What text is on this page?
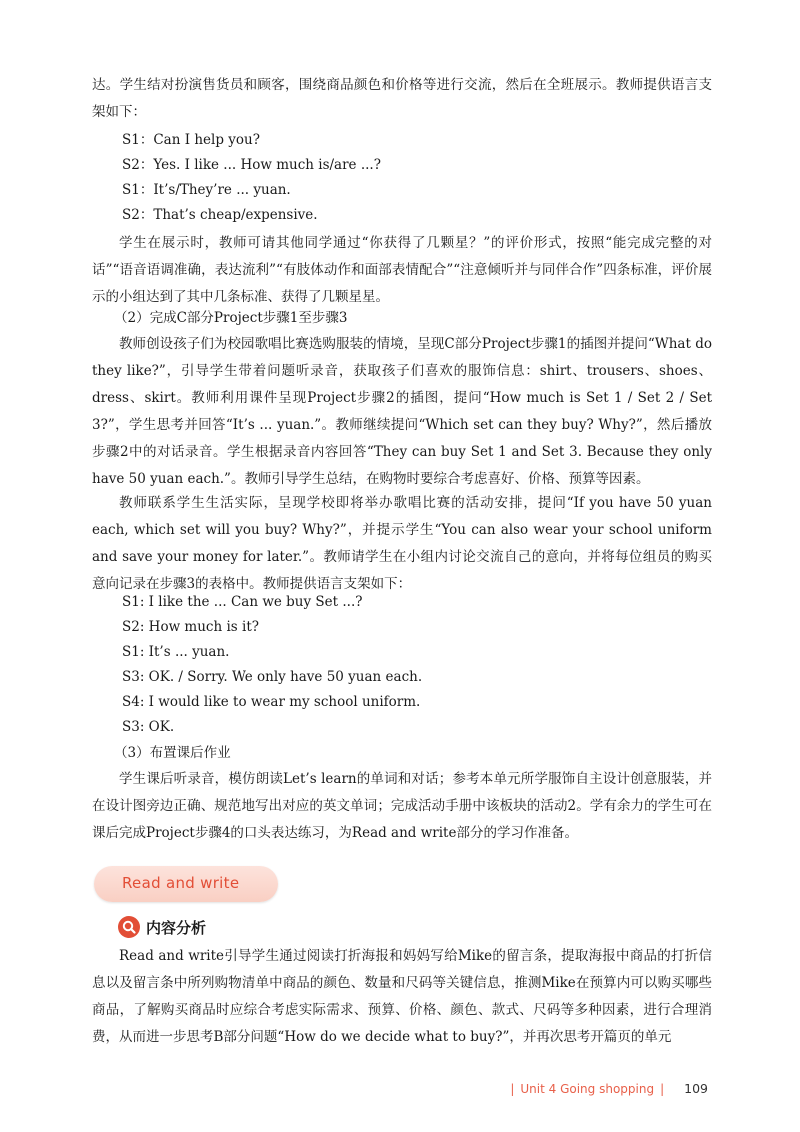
达。学生结对扮演售货员和顾客，围绕商品颜色和价格等进行交流，然后在全班展示。教师提供语言支架如下：

S1：Can I help you?

S2：Yes. I like ... How much is/are ...?

S1：It’s/They’re ... yuan.

S2：That’s cheap/expensive.

学生在展示时，教师可请其他同学通过“你获得了几颗星？”的评价形式，按照“能完成完整的对话”“语音语调准确，表达流利”“有肢体动作和面部表情配合”“注意倾听并与同伴合作”四条标准，评价展示的小组达到了其中几条标准、获得了几颗星星。

（2）完成C部分Project步骤1至步骤3

教师创设孩子们为校园歌唱比赛选购服装的情境，呈现C部分Project步骤1的插图并提问“What do they like?”，引导学生带着问题听录音，获取孩子们喜欢的服饰信息：shirt、trousers、shoes、dress、skirt。教师利用课件呈现Project步骤2的插图，提问“How much is Set 1 / Set 2 / Set 3?”，学生思考并回答“It’s ... yuan.”。教师继续提问“Which set can they buy? Why?”，然后播放步骤2中的对话录音。学生根据录音内容回答“They can buy Set 1 and Set 3. Because they only have 50 yuan each.”。教师引导学生总结，在购物时要综合考虑喜好、价格、预算等因素。

教师联系学生生活实际，呈现学校即将举办歌唱比赛的活动安排，提问“If you have 50 yuan each, which set will you buy? Why?”，并提示学生“You can also wear your school uniform and save your money for later.”。教师请学生在小组内讨论交流自己的意向，并将每位组员的购买意向记录在步骤3的表格中。教师提供语言支架如下：

S1: I like the ... Can we buy Set ...?

S2: How much is it?

S1: It’s ... yuan.

S3: OK. / Sorry. We only have 50 yuan each.

S4: I would like to wear my school uniform.

S3: OK.

（3）布置课后作业

学生课后听录音，模仿朗读Let’s learn的单词和对话；参考本单元所学服饰自主设计创意服装，并在设计图旁边正确、规范地写出对应的英文单词；完成活动手册中该板块的活动2。学有余力的学生可在课后完成Project步骤4的口头表达练习，为Read and write部分的学习作准备。

Read and write
内容分析

Read and write引导学生通过阅读打折海报和妈妈写给Mike的留言条，提取海报中商品的打折信息以及留言条中所列购物清单中商品的颜色、数量和尺码等关键信息，推测Mike在预算内可以购买哪些商品，了解购买商品时应综合考虑实际需求、预算、价格、颜色、款式、尺码等多种因素，进行合理消费，从而进一步思考B部分问题“How do we decide what to buy?”，并再次思考开篇页的单元

| Unit 4 Going shopping | 109
